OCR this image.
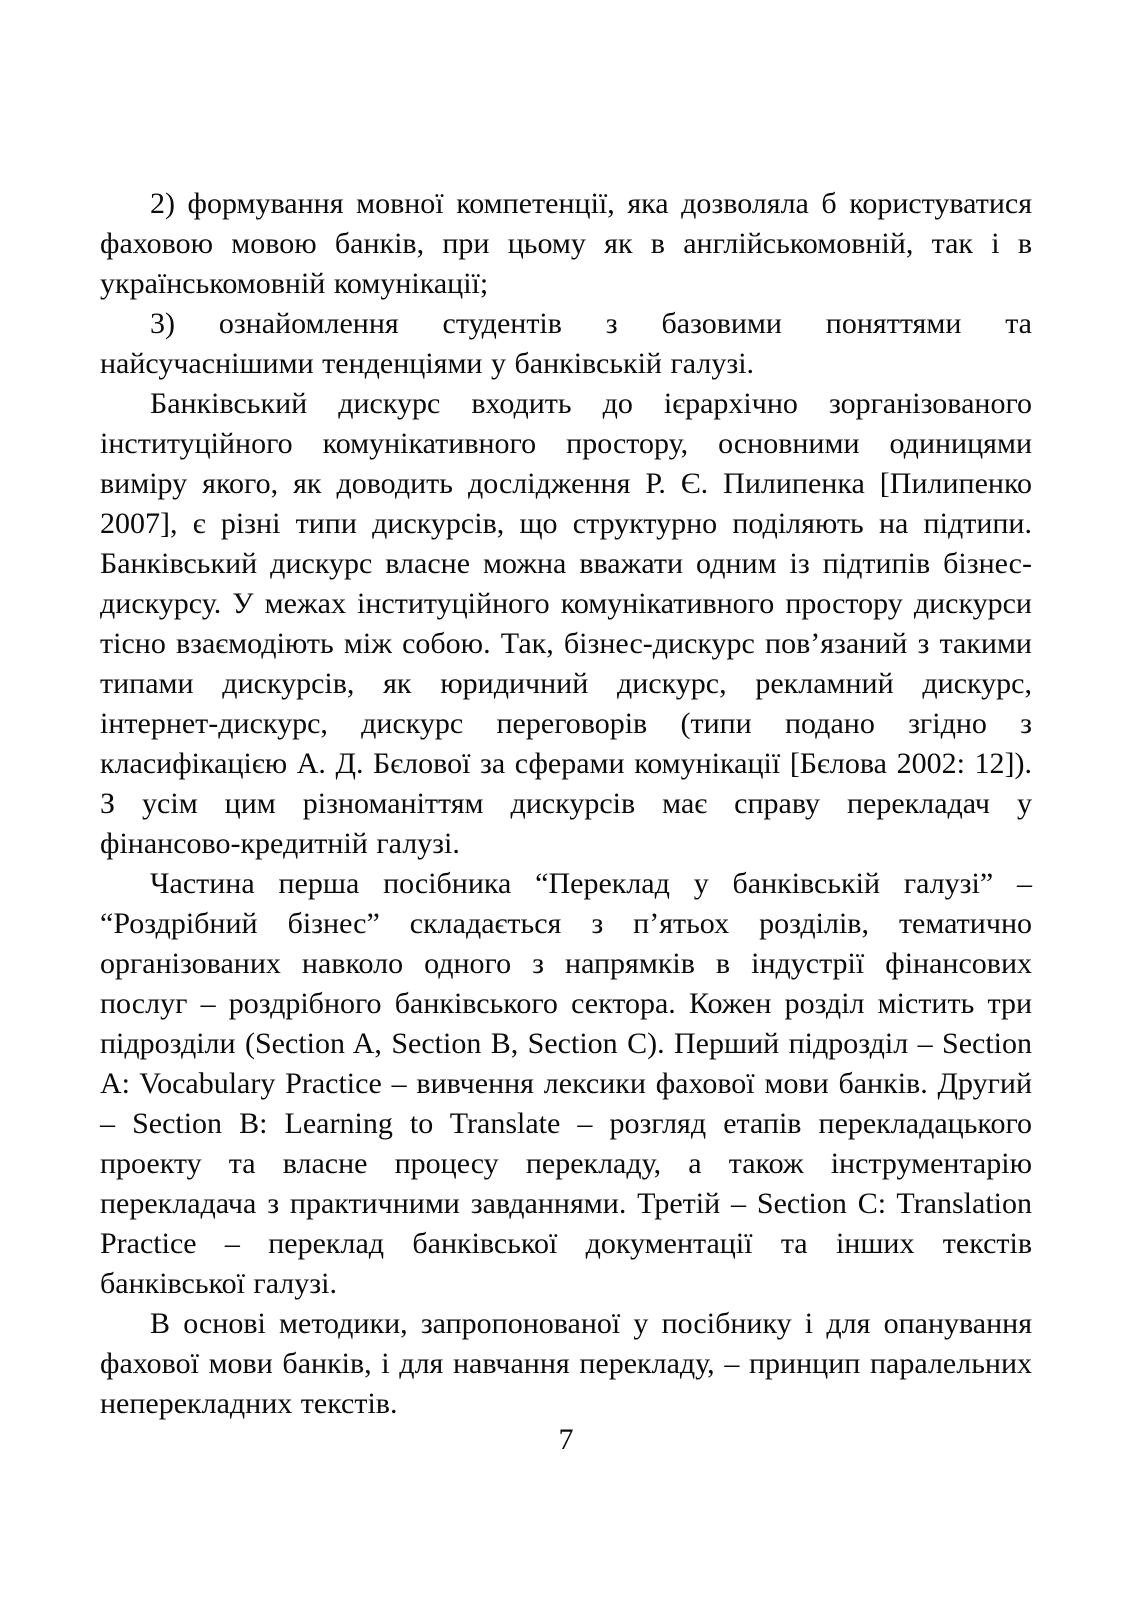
2) формування мовної компетенції, яка дозволяла б користуватися фаховою мовою банків, при цьому як в англійськомовній, так і в українськомовній комунікації;

3) ознайомлення студентів з базовими поняттями та найсучаснішими тенденціями у банківській галузі.

Банківський дискурс входить до ієрархічно зорганізованого інституційного комунікативного простору, основними одиницями виміру якого, як доводить дослідження Р. Є. Пилипенка [Пилипенко 2007], є різні типи дискурсів, що структурно поділяють на підтипи. Банківський дискурс власне можна вважати одним із підтипів бізнес-дискурсу. У межах інституційного комунікативного простору дискурси тісно взаємодіють між собою. Так, бізнес-дискурс пов’язаний з такими типами дискурсів, як юридичний дискурс, рекламний дискурс, інтернет-дискурс, дискурс переговорів (типи подано згідно з класифікацією А. Д. Бєлової за сферами комунікації [Бєлова 2002: 12]). З усім цим різноманіттям дискурсів має справу перекладач у фінансово-кредитній галузі.

Частина перша посібника “Переклад у банківській галузі” – “Роздрібний бізнес” складається з п’ятьох розділів, тематично організованих навколо одного з напрямків в індустрії фінансових послуг – роздрібного банківського сектора. Кожен розділ містить три підрозділи (Section A, Section B, Section C). Перший підрозділ – Section A: Vocabulary Practice – вивчення лексики фахової мови банків. Другий – Section B: Learning to Translate – розгляд етапів перекладацького проекту та власне процесу перекладу, а також інструментарію перекладача з практичними завданнями. Третій – Section C: Translation Practice – переклад банківської документації та інших текстів банківської галузі.

В основі методики, запропонованої у посібнику і для опанування фахової мови банків, і для навчання перекладу, – принцип паралельних неперекладних текстів.

7
